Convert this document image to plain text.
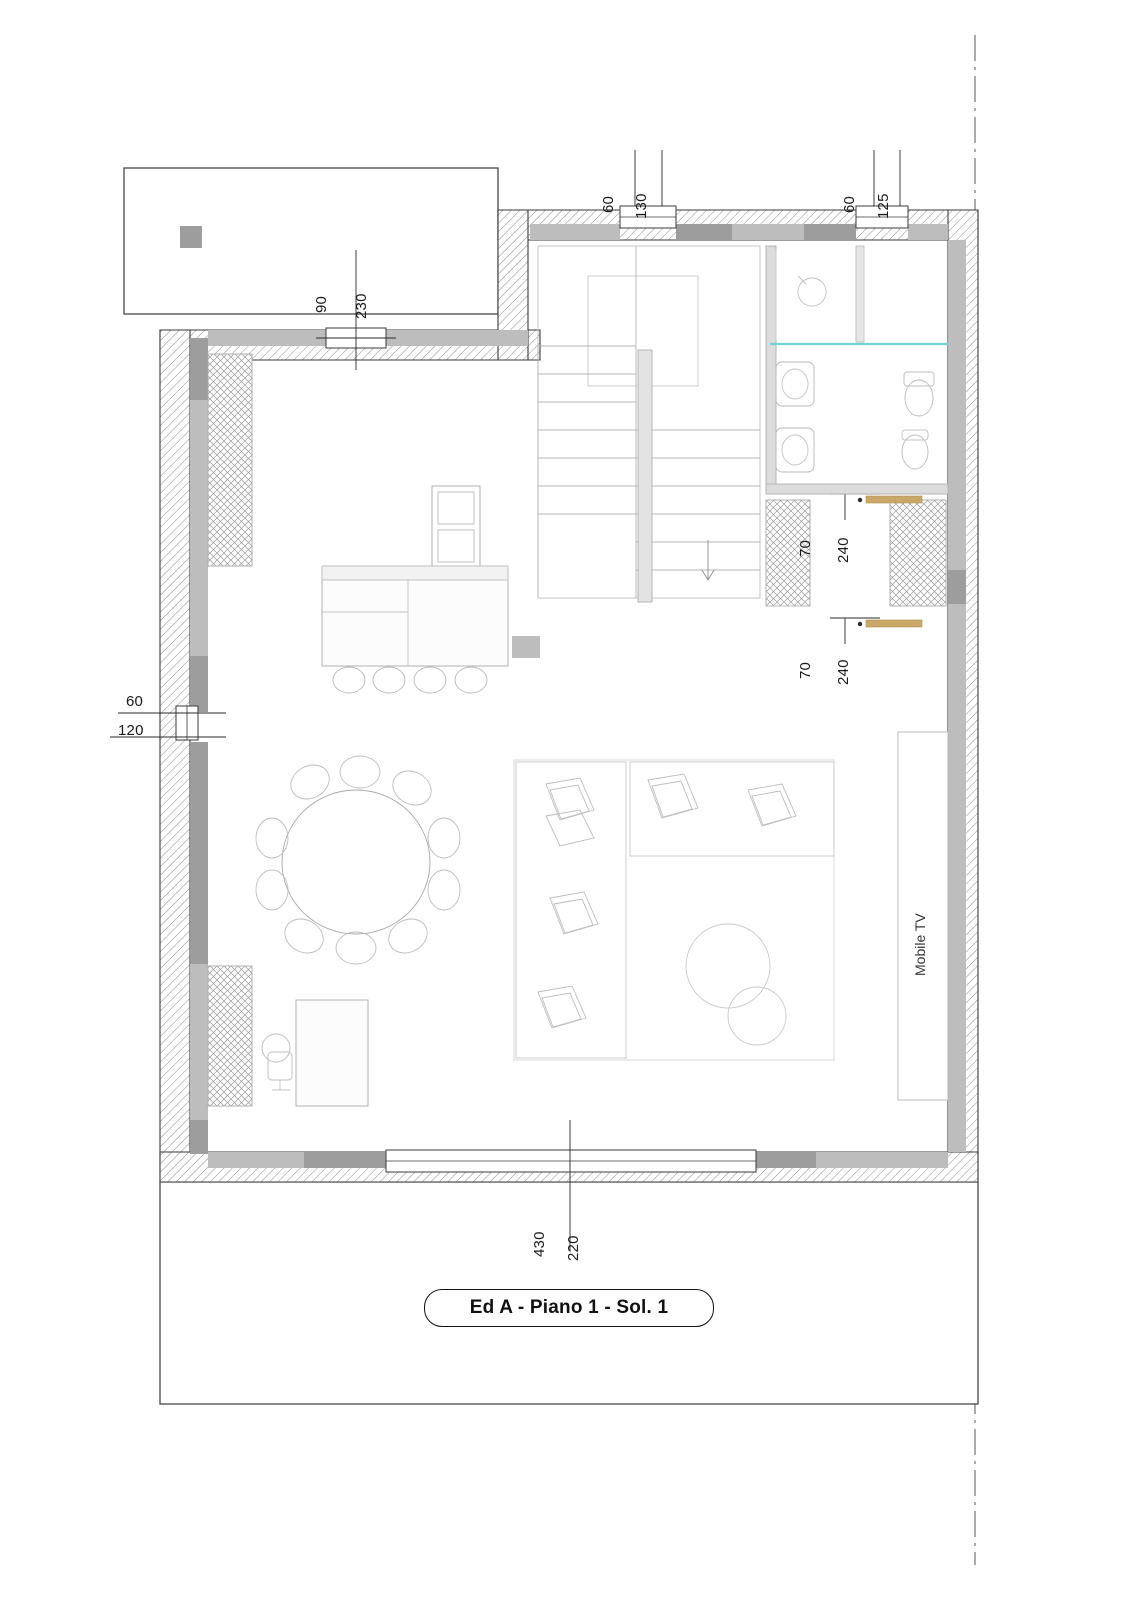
Ed A - Piano 1 - Sol. 1
Mobile TV
60 130	60 125
90 230
70 240
70 240
60
120
430 220
